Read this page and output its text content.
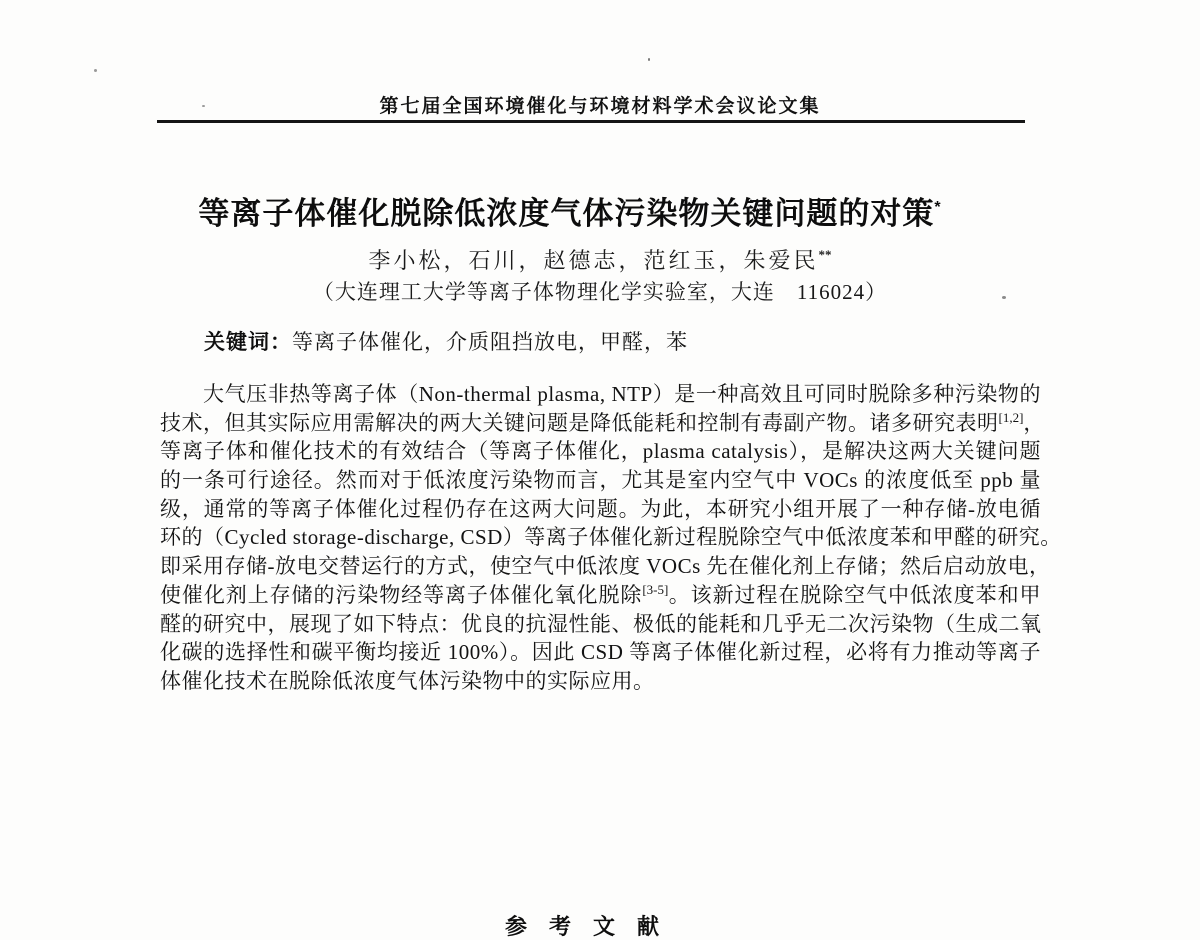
第七届全国环境催化与环境材料学术会议论文集
等离子体催化脱除低浓度气体污染物关键问题的对策*
李小松，石川，赵德志，范红玉，朱爱民**
（大连理工大学等离子体物理化学实验室，大连　116024）
关键词：等离子体催化，介质阻挡放电，甲醛，苯
大气压非热等离子体（Non-thermal plasma, NTP）是一种高效且可同时脱除多种污染物的
技术，但其实际应用需解决的两大关键问题是降低能耗和控制有毒副产物。诸多研究表明[1,2]，
等离子体和催化技术的有效结合（等离子体催化，plasma catalysis），是解决这两大关键问题
的一条可行途径。然而对于低浓度污染物而言，尤其是室内空气中 VOCs 的浓度低至 ppb 量
级，通常的等离子体催化过程仍存在这两大问题。为此，本研究小组开展了一种存储-放电循
环的（Cycled storage-discharge, CSD）等离子体催化新过程脱除空气中低浓度苯和甲醛的研究。
即采用存储-放电交替运行的方式，使空气中低浓度 VOCs 先在催化剂上存储；然后启动放电，
使催化剂上存储的污染物经等离子体催化氧化脱除[3-5]。该新过程在脱除空气中低浓度苯和甲
醛的研究中，展现了如下特点：优良的抗湿性能、极低的能耗和几乎无二次污染物（生成二氧
化碳的选择性和碳平衡均接近 100%）。因此 CSD 等离子体催化新过程，必将有力推动等离子
体催化技术在脱除低浓度气体污染物中的实际应用。
参　考　文　献
